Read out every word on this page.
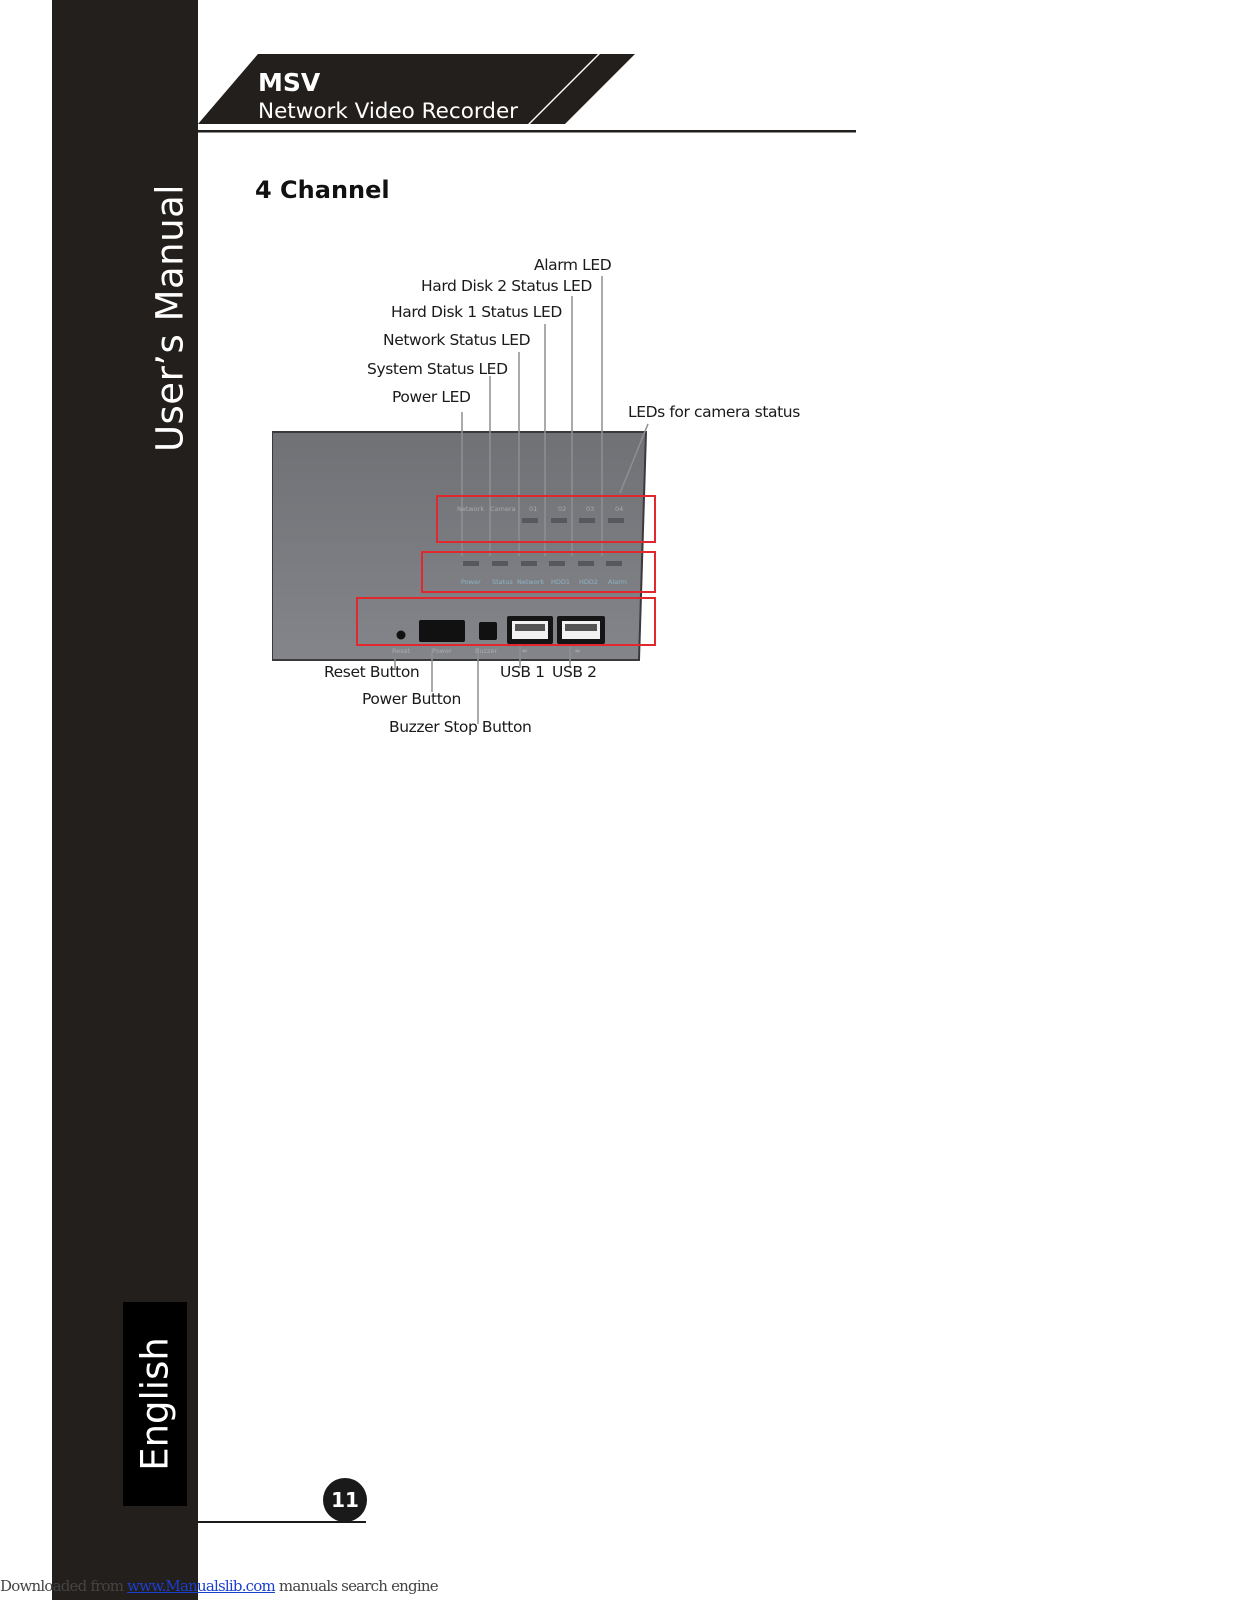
User’s Manual
English
MSV
Network Video Recorder
4 Channel
Network Camera 01	02	03	04
Power Status Network HDD1 HDD2 Alarm
Reset	Power	Buzzer	⇹	⇹
Alarm LED
Hard Disk 2 Status LED
Hard Disk 1 Status LED
Network Status LED
System Status LED
Power LED
LEDs for camera status
Reset Button
Power Button
Buzzer Stop Button
USB 1 USB 2
11
Downloaded from www.Manualslib.com manuals search engine
